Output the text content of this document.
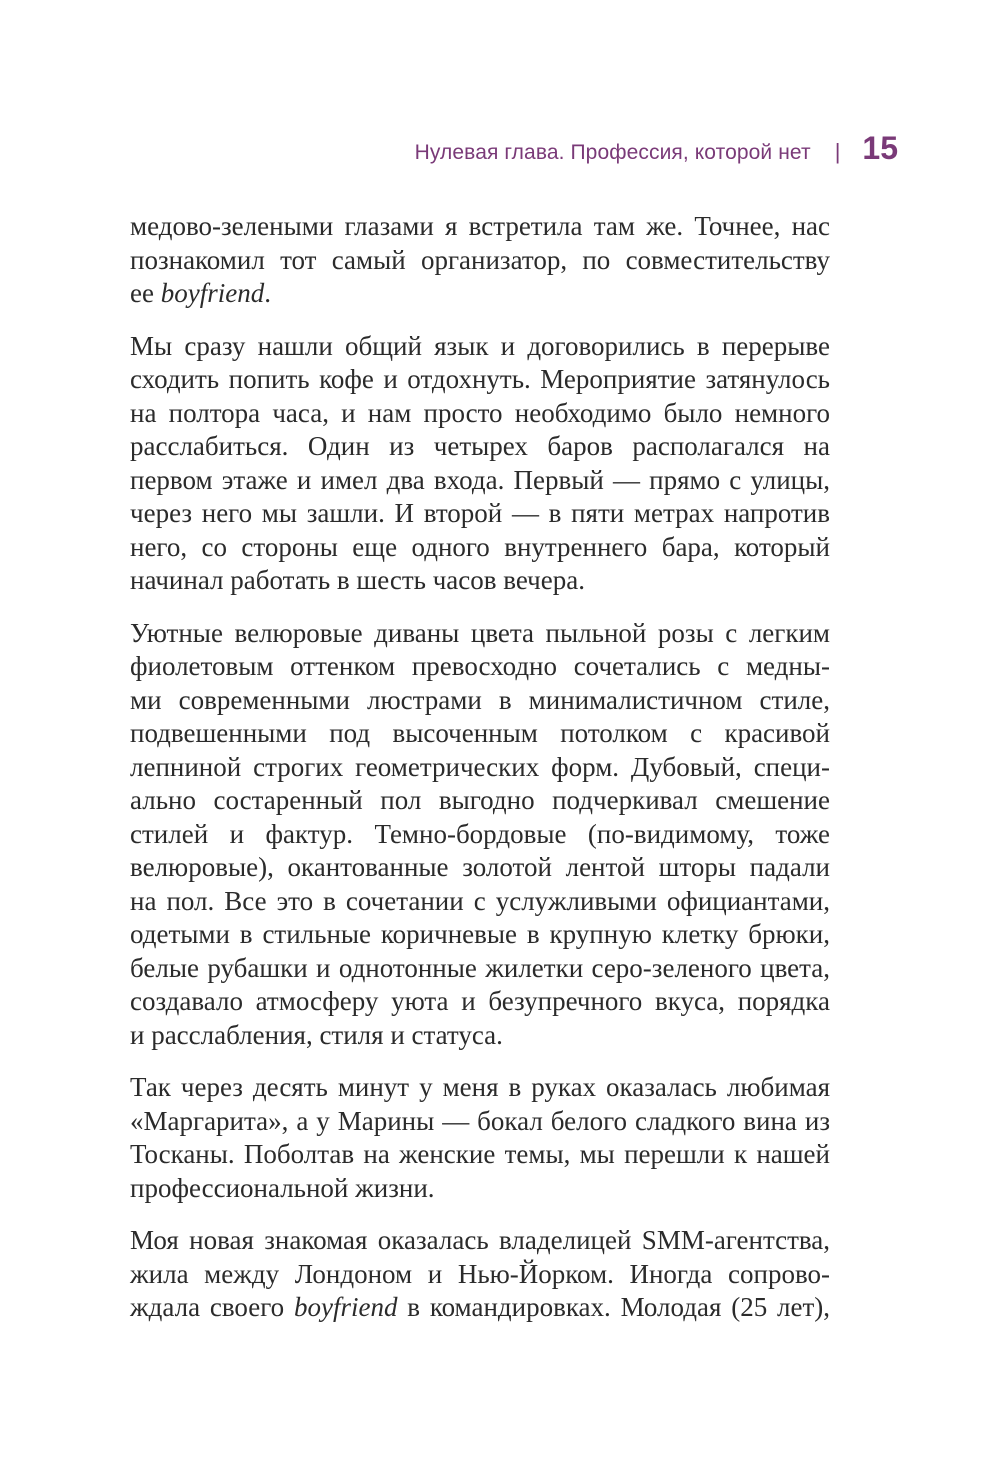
Нулевая глава. Профессия, которой нет | 15

медово-зелеными глазами я встретила там же. Точнее, нас
познакомил тот самый организатор, по совместительству
ее boyfriend.

Мы сразу нашли общий язык и договорились в перерыве
сходить попить кофе и отдохнуть. Мероприятие затянулось
на полтора часа, и нам просто необходимо было немного
расслабиться. Один из четырех баров располагался на
первом этаже и имел два входа. Первый — прямо с улицы,
через него мы зашли. И второй — в пяти метрах напротив
него, со стороны еще одного внутреннего бара, который
начинал работать в шесть часов вечера.

Уютные велюровые диваны цвета пыльной розы с легким
фиолетовым оттенком превосходно сочетались с медны-
ми современными люстрами в минималистичном стиле,
подвешенными под высоченным потолком с красивой
лепниной строгих геометрических форм. Дубовый, специ-
ально состаренный пол выгодно подчеркивал смешение
стилей и фактур. Темно-бордовые (по-видимому, тоже
велюровые), окантованные золотой лентой шторы падали
на пол. Все это в сочетании с услужливыми официантами,
одетыми в стильные коричневые в крупную клетку брюки,
белые рубашки и однотонные жилетки серо-зеленого цвета,
создавало атмосферу уюта и безупречного вкуса, порядка
и расслабления, стиля и статуса.

Так через десять минут у меня в руках оказалась любимая
«Маргарита», а у Марины — бокал белого сладкого вина из
Тосканы. Поболтав на женские темы, мы перешли к нашей
профессиональной жизни.

Моя новая знакомая оказалась владелицей SMM-агентства,
жила между Лондоном и Нью-Йорком. Иногда сопрово-
ждала своего boyfriend в командировках. Молодая (25 лет),
